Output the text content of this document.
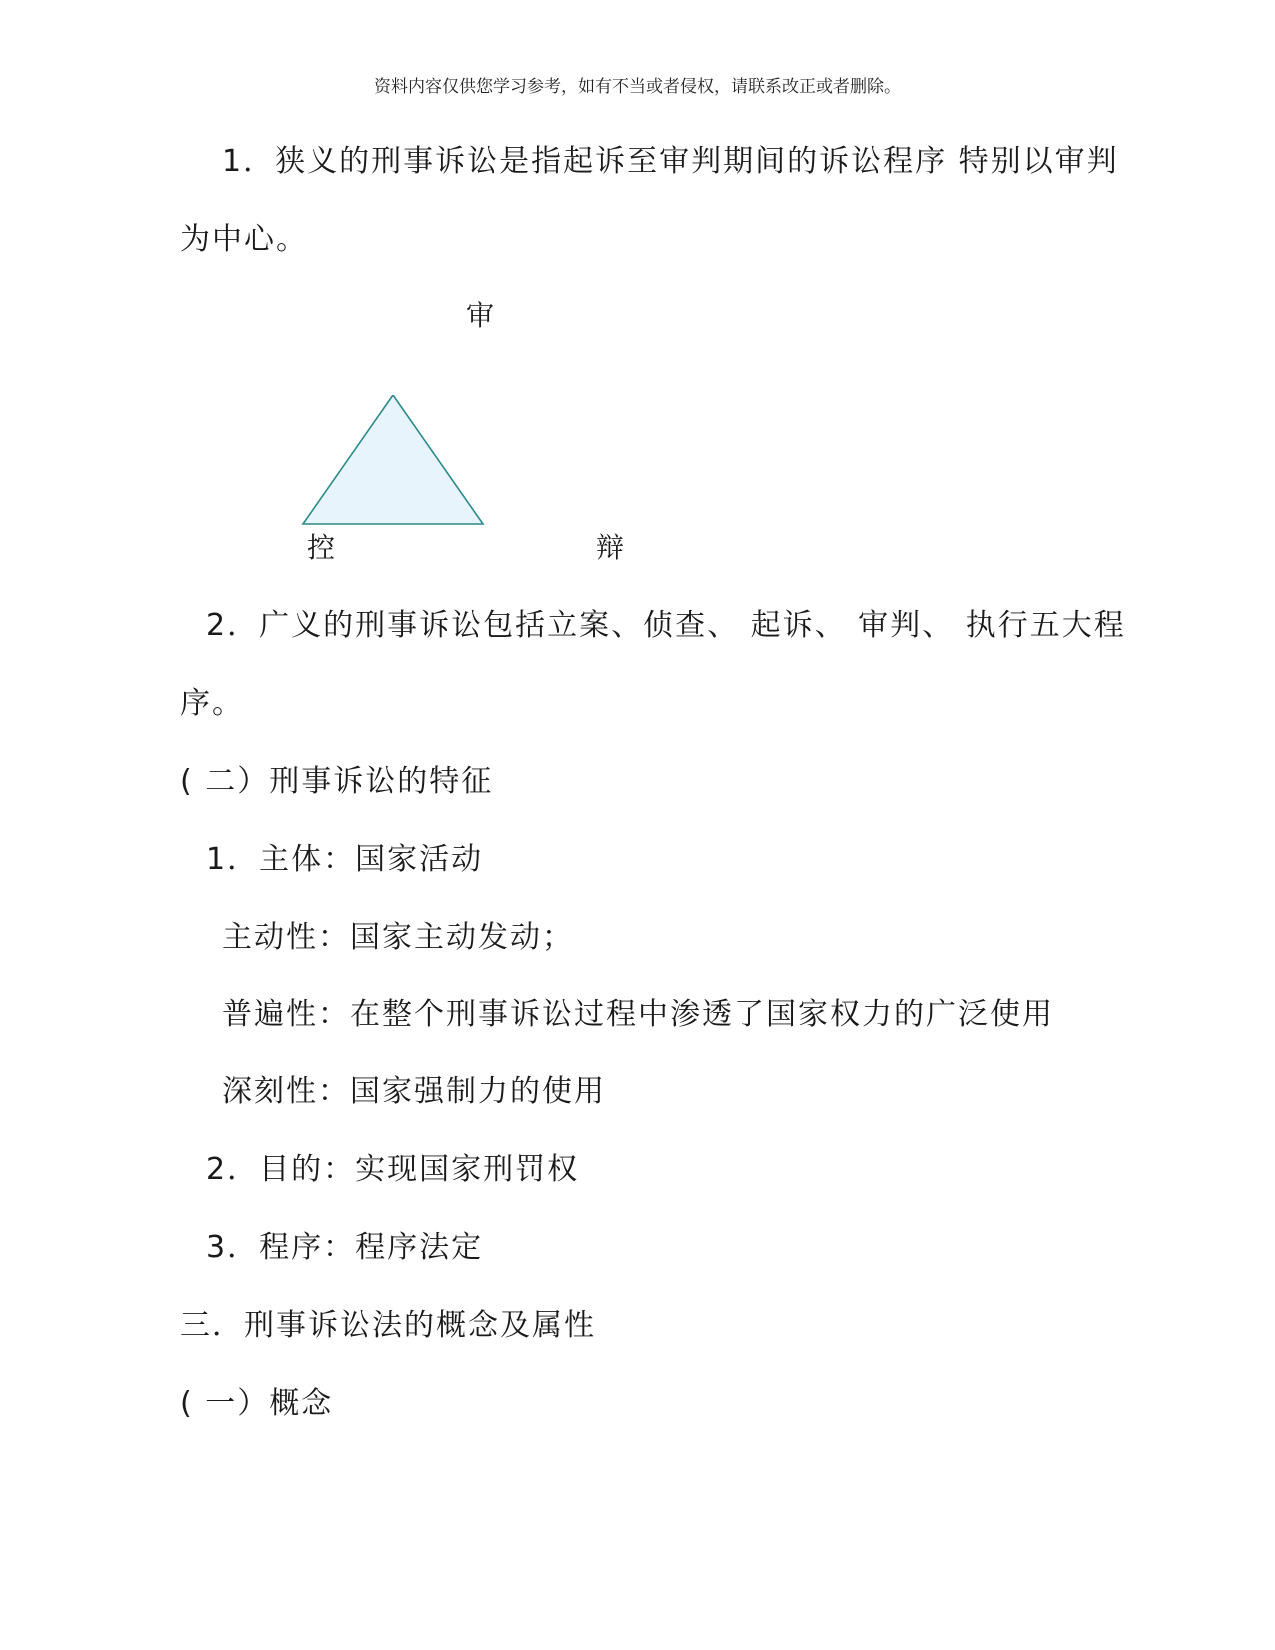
资料内容仅供您学习参考，如有不当或者侵权，请联系改正或者删除。
1．狭义的刑事诉讼是指起诉至审判期间的诉讼程序 特别以审判
为中心。
审
控	辩
2．广义的刑事诉讼包括立案、侦查、 起诉、 审判、 执行五大程
序。
( 二）刑事诉讼的特征
1．主体：国家活动
主动性：国家主动发动；
普遍性：在整个刑事诉讼过程中渗透了国家权力的广泛使用
深刻性：国家强制力的使用
2．目的：实现国家刑罚权
3．程序：程序法定
三．刑事诉讼法的概念及属性
( 一）概念
